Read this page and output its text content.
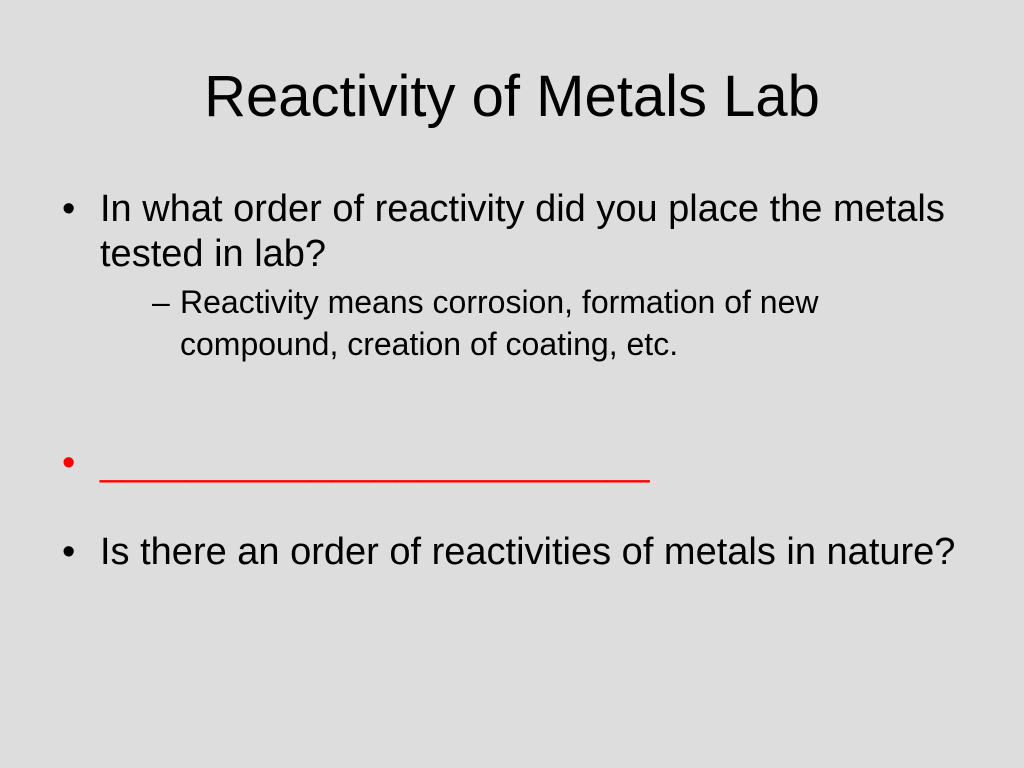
Reactivity of Metals Lab
• In what order of reactivity did you place the metals tested in lab?
– Reactivity means corrosion, formation of new compound, creation of coating, etc.
• __________________________
• Is there an order of reactivities of metals in nature?
